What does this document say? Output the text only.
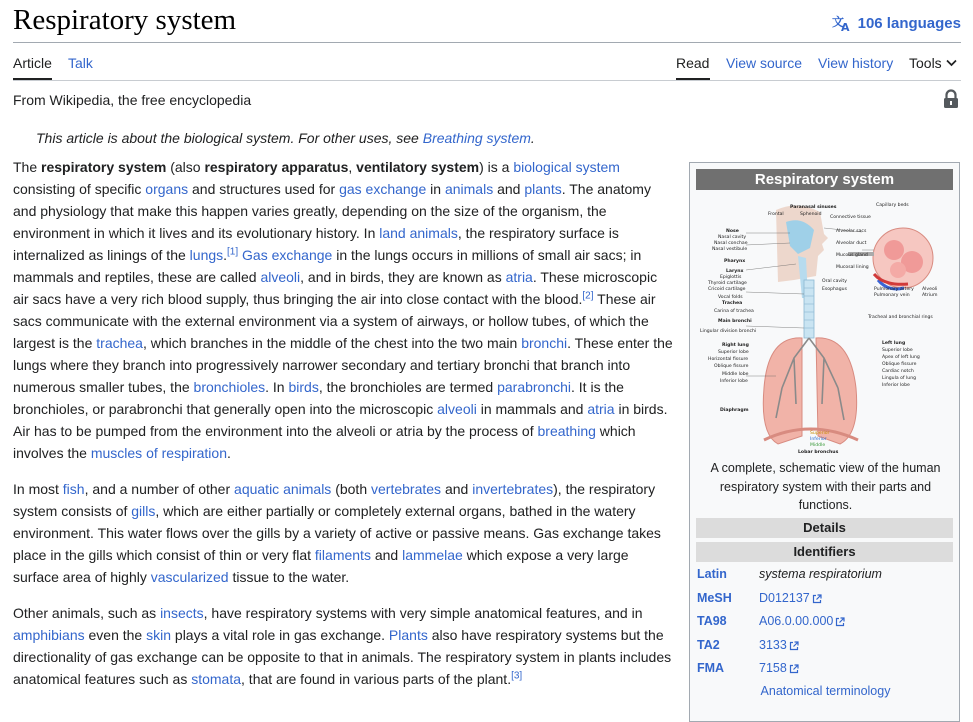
Respiratory system	文
A 106 languages
Article Talk	Read View source View history Tools
From Wikipedia, the free encyclopedia
This article is about the biological system. For other uses, see Breathing system.

The respiratory system (also respiratory apparatus, ventilatory system) is a biological system consisting of specific organs and structures used for gas exchange in animals and plants. The anatomy and physiology that make this happen varies greatly, depending on the size of the organism, the environment in which it lives and its evolutionary history. In land animals, the respiratory surface is internalized as linings of the lungs.[1] Gas exchange in the lungs occurs in millions of small air sacs; in mammals and reptiles, these are called alveoli, and in birds, they are known as atria. These microscopic air sacs have a very rich blood supply, thus bringing the air into close contact with the blood.[2] These air sacs communicate with the external environment via a system of airways, or hollow tubes, of which the largest is the trachea, which branches in the middle of the chest into the two main bronchi. These enter the lungs where they branch into progressively narrower secondary and tertiary bronchi that branch into numerous smaller tubes, the bronchioles. In birds, the bronchioles are termed parabronchi. It is the bronchioles, or parabronchi that generally open into the microscopic alveoli in mammals and atria in birds. Air has to be pumped from the environment into the alveoli or atria by the process of breathing which involves the muscles of respiration.

In most fish, and a number of other aquatic animals (both vertebrates and invertebrates), the respiratory system consists of gills, which are either partially or completely external organs, bathed in the watery environment. This water flows over the gills by a variety of active or passive means. Gas exchange takes place in the gills which consist of thin or very flat filaments and lammelae which expose a very large surface area of highly vascularized tissue to the water.

Other animals, such as insects, have respiratory systems with very simple anatomical features, and in amphibians even the skin plays a vital role in gas exchange. Plants also have respiratory systems but the directionality of gas exchange can be opposite to that in animals. The respiratory system in plants includes anatomical features such as stomata, that are found in various parts of the plant.[3]

Respiratory system
Paranasal sinuses
Frontal	Sphenoid
Nose
Nasal cavity
Nasal conchae
Nasal vestibule
Pharynx
Larynx
Epiglottis
Thyroid cartilage
Cricoid cartilage
Vocal folds
Trachea
Carina of trachea
Main bronchi
Lingular division bronchi
Right lung
Superior lobe
Horizontal fissure
Oblique fissure
Middle lobe
Inferior lobe
Diaphragm
Capillary beds
Connective tissue
Alveolar sacs
Alveolar duct
Mucous gland
Mucosal lining
Oral cavity
Esophagus	Pulmonary artery
Pulmonary vein
Alveoli
Atrium
Tracheal and bronchial rings
Left lung
Superior lobe
Apex of left lung
Oblique fissure
Cardiac notch
Lingula of lung
Inferior lobe
Superior
Inferior
Middle
Lobar bronchus
A complete, schematic view of the human respiratory system with their parts and functions.
Details
Identifiers
Latin	systema respiratorium
MeSH D012137
TA98	A06.0.00.000
TA2	3133
FMA	7158
Anatomical terminology
